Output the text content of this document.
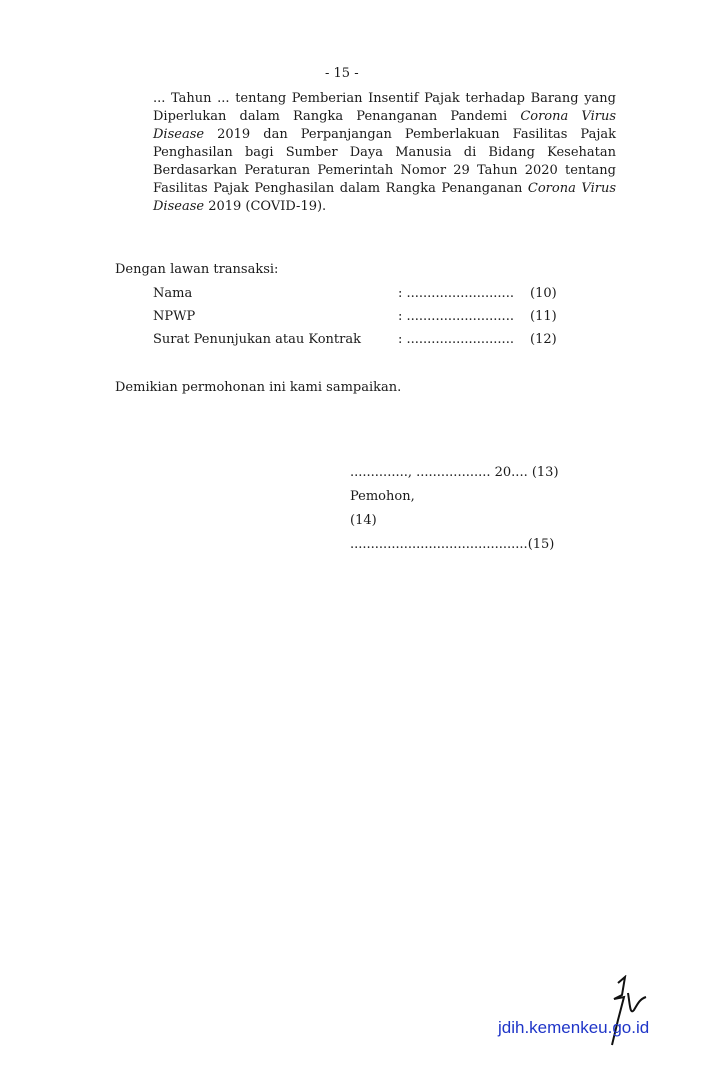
- 15 -
... Tahun ... tentang Pemberian Insentif Pajak terhadap Barang yang
Diperlukan dalam Rangka Penanganan Pandemi Corona Virus
Disease 2019 dan Perpanjangan Pemberlakuan Fasilitas Pajak
Penghasilan bagi Sumber Daya Manusia di Bidang Kesehatan
Berdasarkan Peraturan Pemerintah Nomor 29 Tahun 2020 tentang
Fasilitas Pajak Penghasilan dalam Rangka Penanganan Corona Virus
Disease 2019 (COVID-19).
Dengan lawan transaksi:
Nama	: .......................... (10)
NPWP	: .......................... (11)
Surat Penunjukan atau Kontrak	: .......................... (12)
Demikian permohonan ini kami sampaikan.
.............., .................. 20.... (13)
Pemohon,
(14)
...........................................(15)
jdih.kemenkeu.go.id
